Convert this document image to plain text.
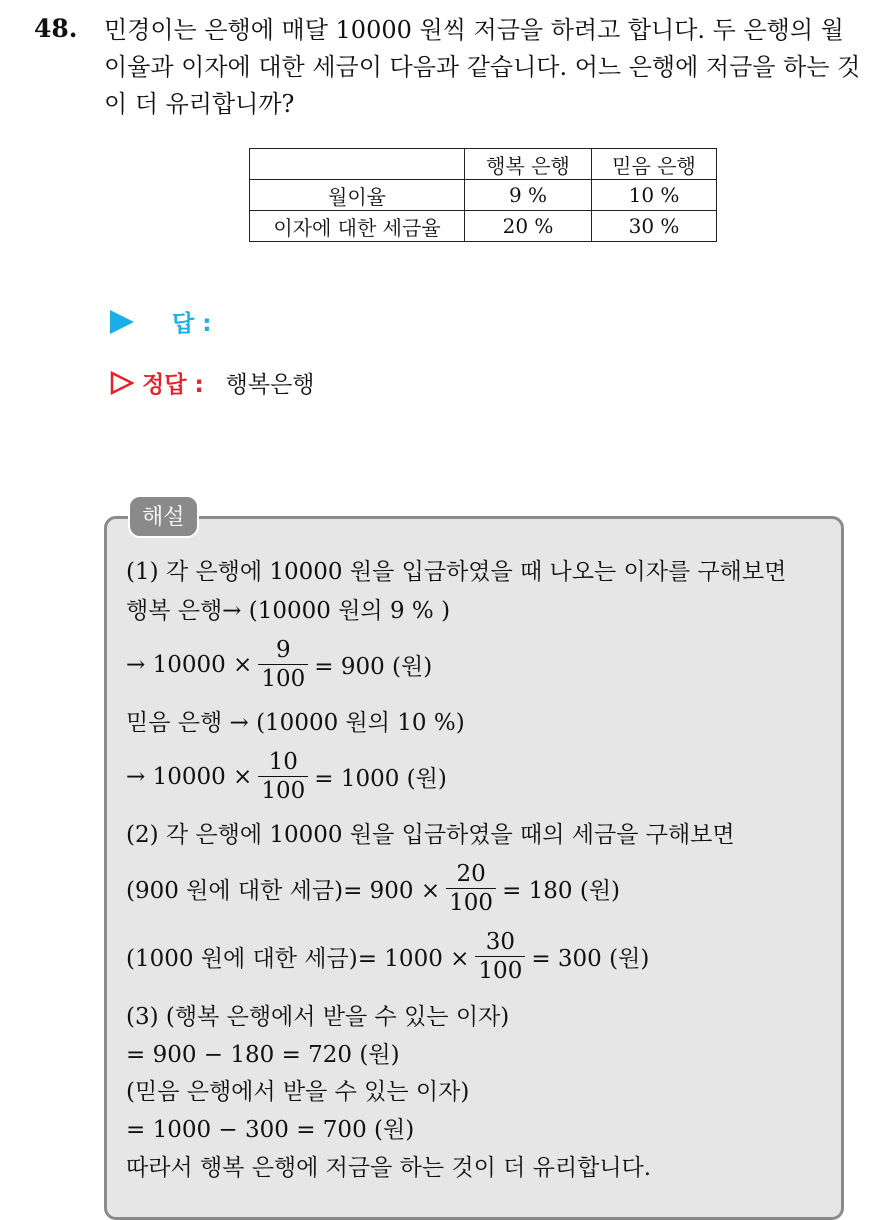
48. 민경이는 은행에 매달 10000 원씩 저금을 하려고 합니다. 두 은행의 월이율과 이자에 대한 세금이 다음과 같습니다. 어느 은행에 저금을 하는 것이 더 유리합니까?
	행복 은행	믿음 은행
월이율	9 %	10 %
이자에 대한 세금율	20 %	30 %
답 :
정답 : 행복은행
해설
(1) 각 은행에 10000 원을 입금하였을 때 나오는 이자를 구해보면
행복 은행→ (10000 원의 9 % )
→ $10000 \times \frac{9}{100} = 900$ (원)
믿음 은행 → (10000 원의 10 %)
→ $10000 \times \frac{10}{100} = 1000$ (원)
(2) 각 은행에 10000 원을 입금하였을 때의 세금을 구해보면
(900 원에 대한 세금)= $900 \times \frac{20}{100} = 180$ (원)
(1000 원에 대한 세금)= $1000 \times \frac{30}{100} = 300$ (원)
(3) (행복 은행에서 받을 수 있는 이자)
= 900 − 180 = 720 (원)
(믿음 은행에서 받을 수 있는 이자)
= 1000 − 300 = 700 (원)
따라서 행복 은행에 저금을 하는 것이 더 유리합니다.
